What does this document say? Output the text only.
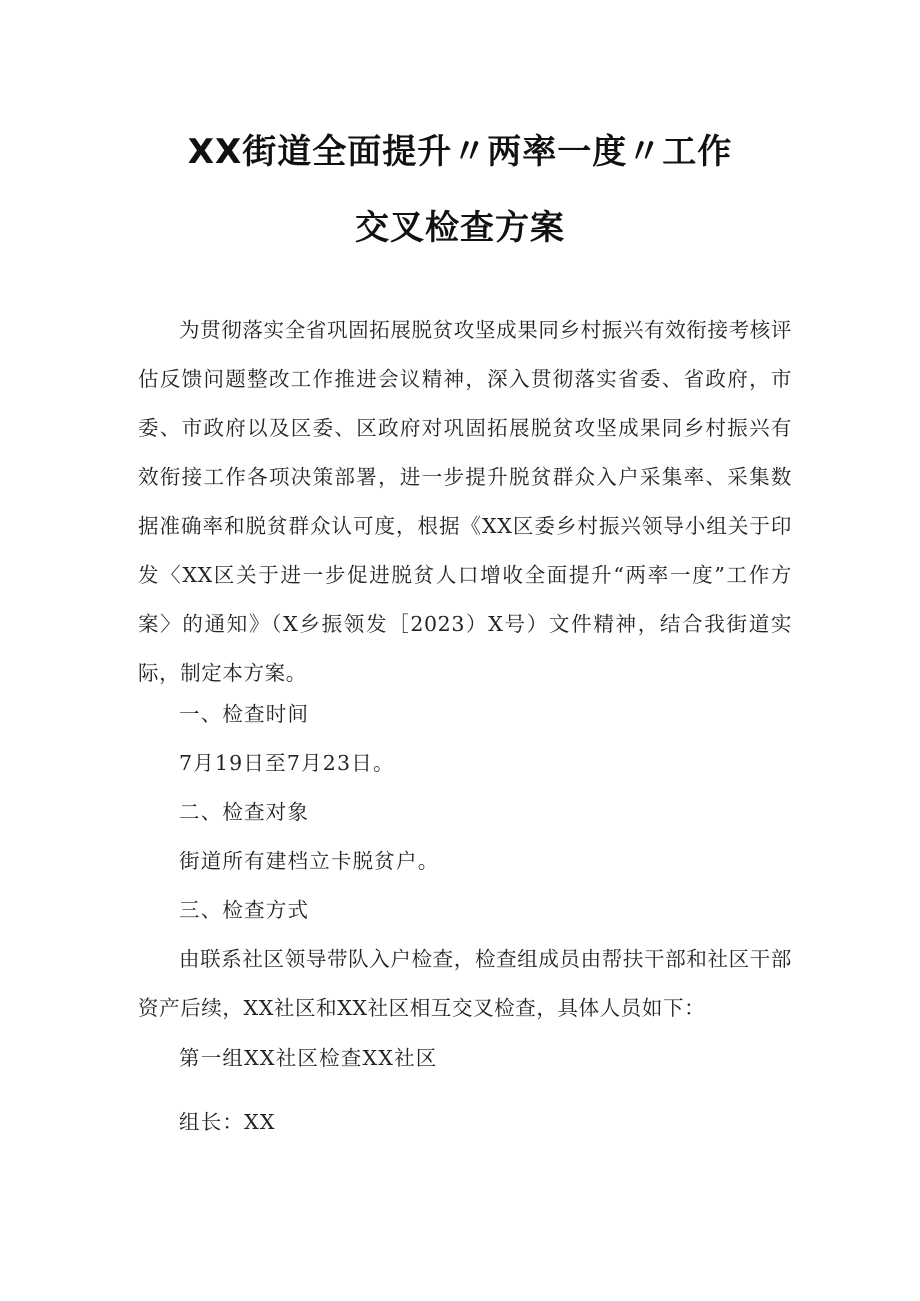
XX街道全面提升〃两率一度〃工作
交叉检查方案

为贯彻落实全省巩固拓展脱贫攻坚成果同乡村振兴有效衔接考核评估反馈问题整改工作推进会议精神，深入贯彻落实省委、省政府，市委、市政府以及区委、区政府对巩固拓展脱贫攻坚成果同乡村振兴有效衔接工作各项决策部署，进一步提升脱贫群众入户采集率、采集数据准确率和脱贫群众认可度，根据《XX区委乡村振兴领导小组关于印发〈XX区关于进一步促进脱贫人口增收全面提升“两率一度”工作方案〉的通知》（X乡振领发［2023）X号）文件精神，结合我街道实际，制定本方案。

一、检查时间

7月19日至7月23日。

二、检查对象

街道所有建档立卡脱贫户。

三、检查方式

由联系社区领导带队入户检查，检查组成员由帮扶干部和社区干部资产后续，XX社区和XX社区相互交叉检查，具体人员如下：

第一组XX社区检查XX社区

组长：XX
